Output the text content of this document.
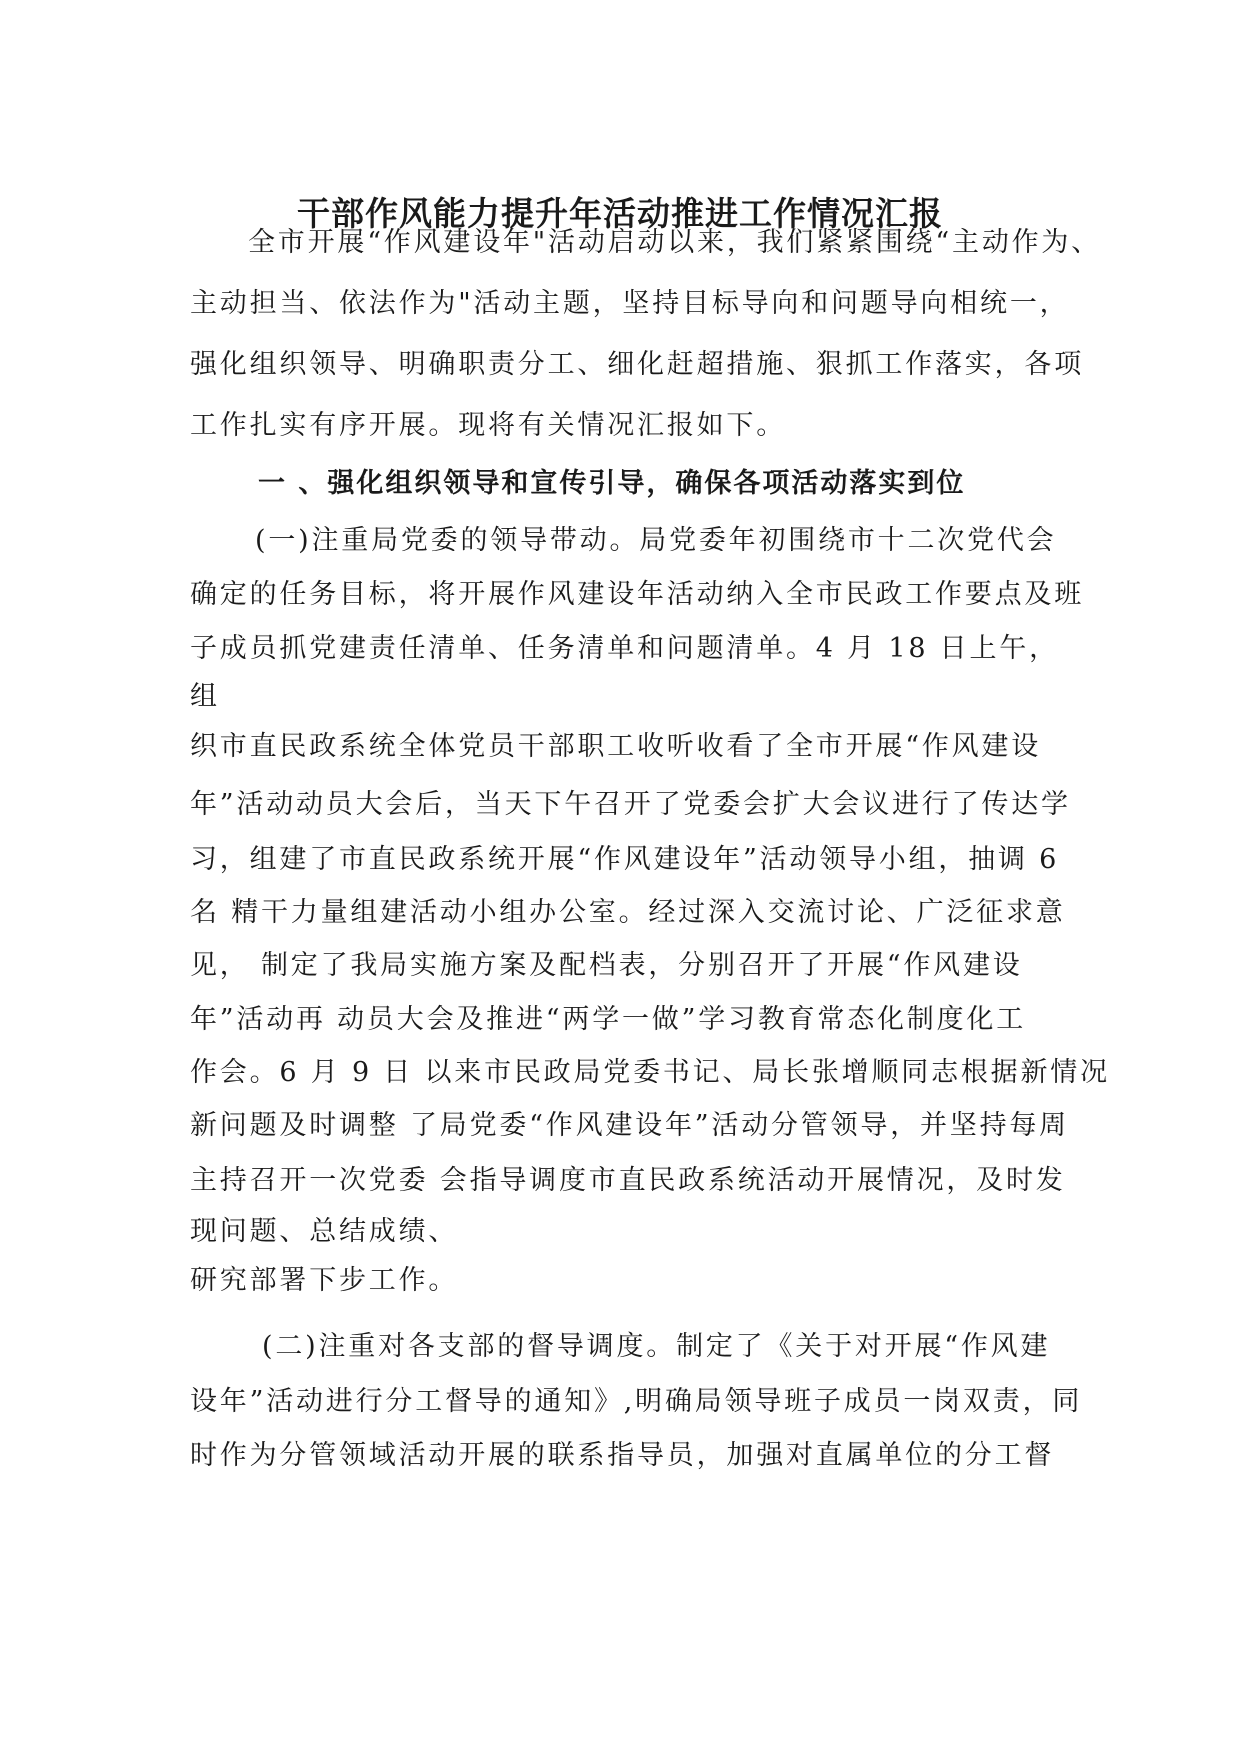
干部作风能力提升年活动推进工作情况汇报
全市开展“作风建设年"活动启动以来，我们紧紧围绕“主动作为、
主动担当、依法作为"活动主题，坚持目标导向和问题导向相统一，
强化组织领导、明确职责分工、细化赶超措施、狠抓工作落实，各项
工作扎实有序开展。现将有关情况汇报如下。
一 、强化组织领导和宣传引导，确保各项活动落实到位
(一)注重局党委的领导带动。局党委年初围绕市十二次党代会
确定的任务目标，将开展作风建设年活动纳入全市民政工作要点及班
子成员抓党建责任清单、任务清单和问题清单。4 月 18 日上午，
组
织市直民政系统全体党员干部职工收听收看了全市开展“作风建设
年”活动动员大会后，当天下午召开了党委会扩大会议进行了传达学
习，组建了市直民政系统开展“作风建设年”活动领导小组，抽调 6
名 精干力量组建活动小组办公室。经过深入交流讨论、广泛征求意
见， 制定了我局实施方案及配档表，分别召开了开展“作风建设
年”活动再 动员大会及推进“两学一做”学习教育常态化制度化工
作会。6 月 9 日 以来市民政局党委书记、局长张增顺同志根据新情况
新问题及时调整 了局党委“作风建设年”活动分管领导，并坚持每周
主持召开一次党委 会指导调度市直民政系统活动开展情况，及时发
现问题、总结成绩、
研究部署下步工作。
(二)注重对各支部的督导调度。制定了《关于对开展“作风建
设年”活动进行分工督导的通知》,明确局领导班子成员一岗双责，同
时作为分管领域活动开展的联系指导员，加强对直属单位的分工督
